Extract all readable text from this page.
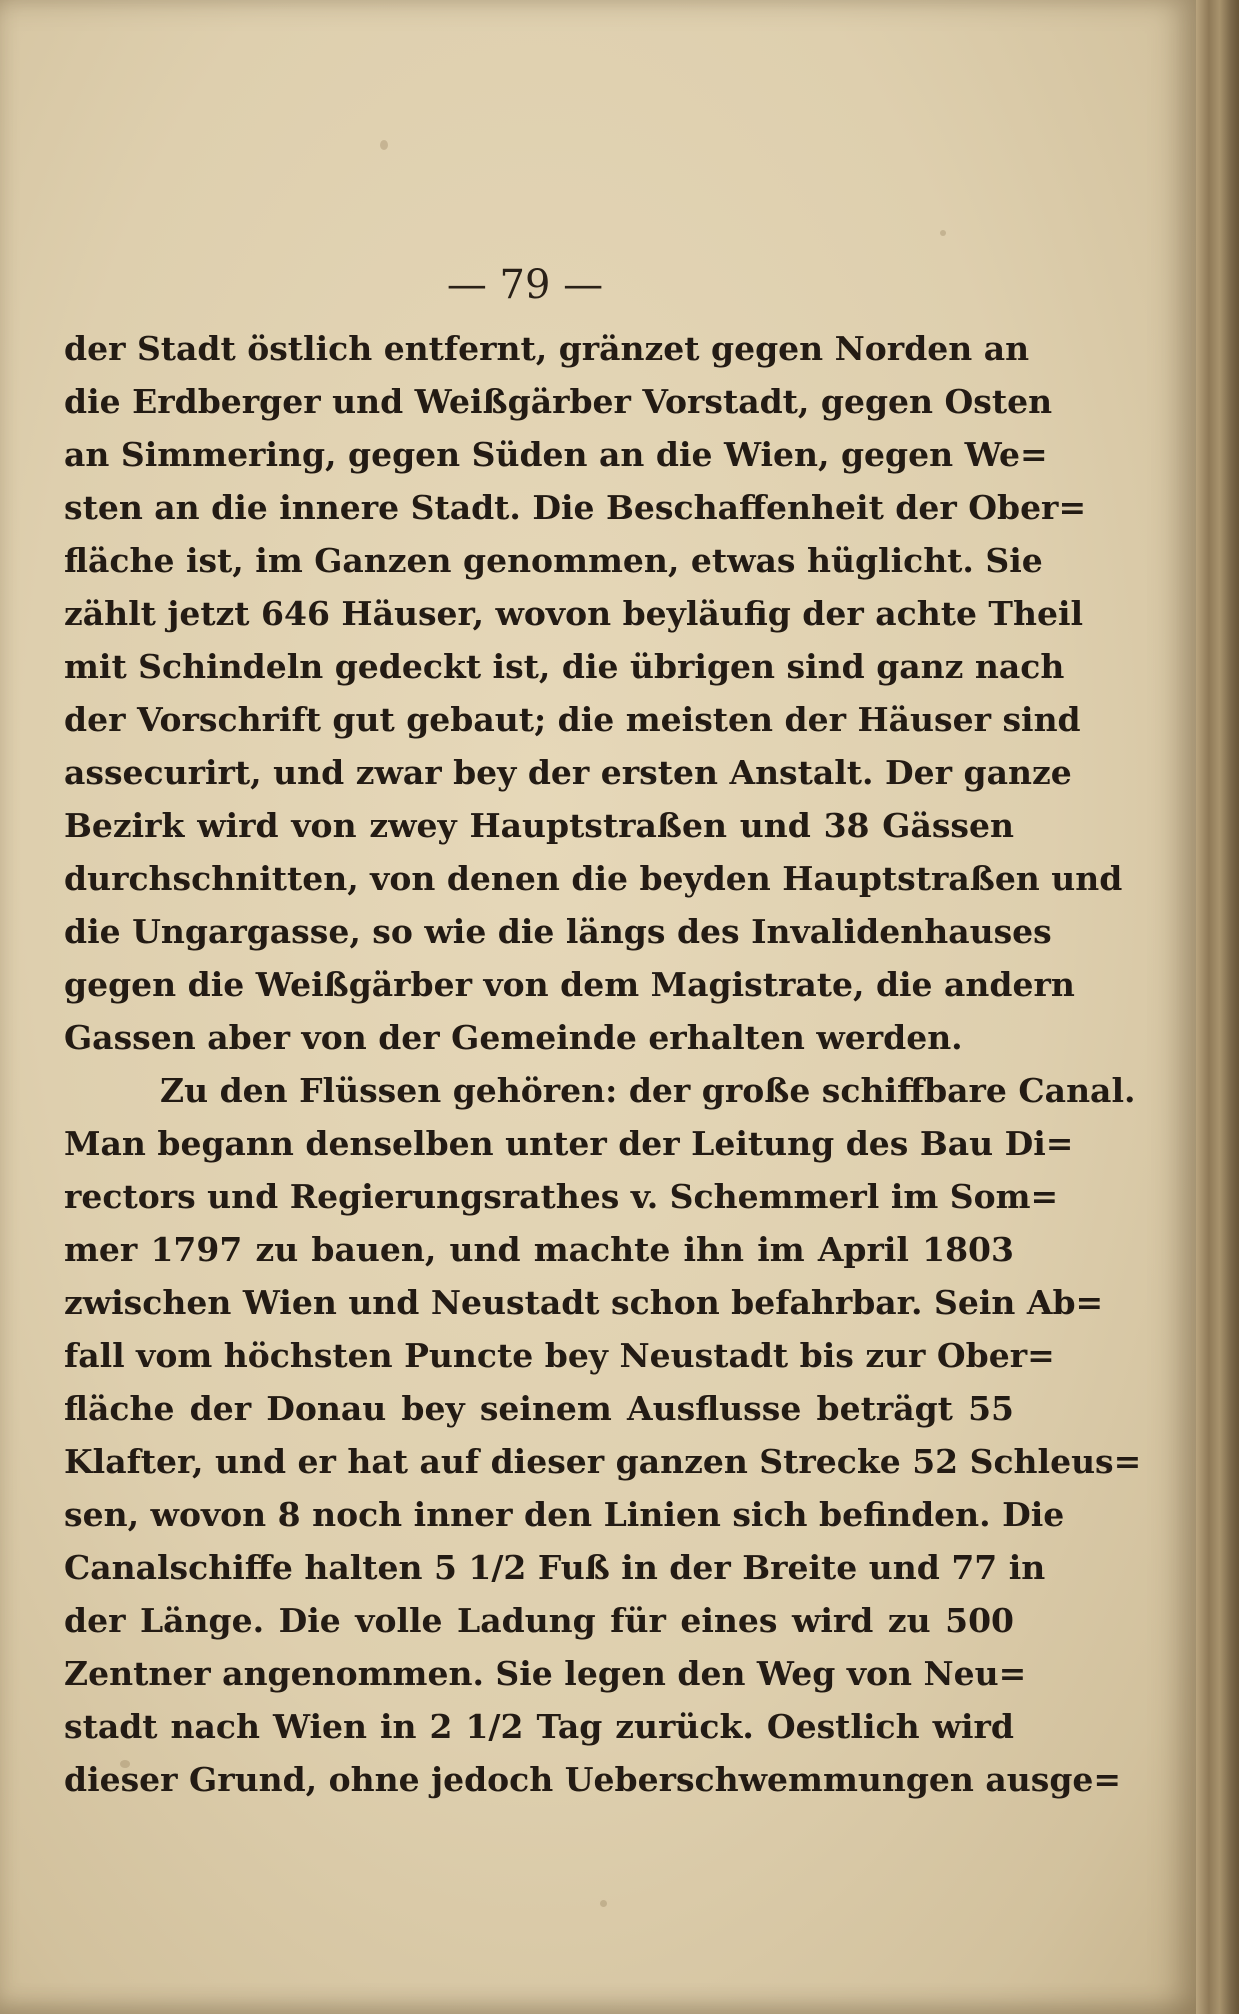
— 79 —
der Stadt östlich entfernt, gränzet gegen Norden an
die Erdberger und Weißgärber Vorstadt, gegen Osten
an Simmering, gegen Süden an die Wien, gegen We=
sten an die innere Stadt. Die Beschaffenheit der Ober=
fläche ist, im Ganzen genommen, etwas hüglicht. Sie
zählt jetzt 646 Häuser, wovon beyläufig der achte Theil
mit Schindeln gedeckt ist, die übrigen sind ganz nach
der Vorschrift gut gebaut; die meisten der Häuser sind
assecurirt, und zwar bey der ersten Anstalt. Der ganze
Bezirk wird von zwey Hauptstraßen und 38 Gässen
durchschnitten, von denen die beyden Hauptstraßen und
die Ungargasse, so wie die längs des Invalidenhauses
gegen die Weißgärber von dem Magistrate, die andern
Gassen aber von der Gemeinde erhalten werden.
Zu den Flüssen gehören: der große schiffbare Canal.
Man begann denselben unter der Leitung des Bau Di=
rectors und Regierungsrathes v. Schemmerl im Som=
mer 1797 zu bauen, und machte ihn im April 1803
zwischen Wien und Neustadt schon befahrbar. Sein Ab=
fall vom höchsten Puncte bey Neustadt bis zur Ober=
fläche der Donau bey seinem Ausflusse beträgt 55
Klafter, und er hat auf dieser ganzen Strecke 52 Schleus=
sen, wovon 8 noch inner den Linien sich befinden. Die
Canalschiffe halten 5 1/2 Fuß in der Breite und 77 in
der Länge. Die volle Ladung für eines wird zu 500
Zentner angenommen. Sie legen den Weg von Neu=
stadt nach Wien in 2 1/2 Tag zurück. Oestlich wird
dieser Grund, ohne jedoch Ueberschwemmungen ausge=
